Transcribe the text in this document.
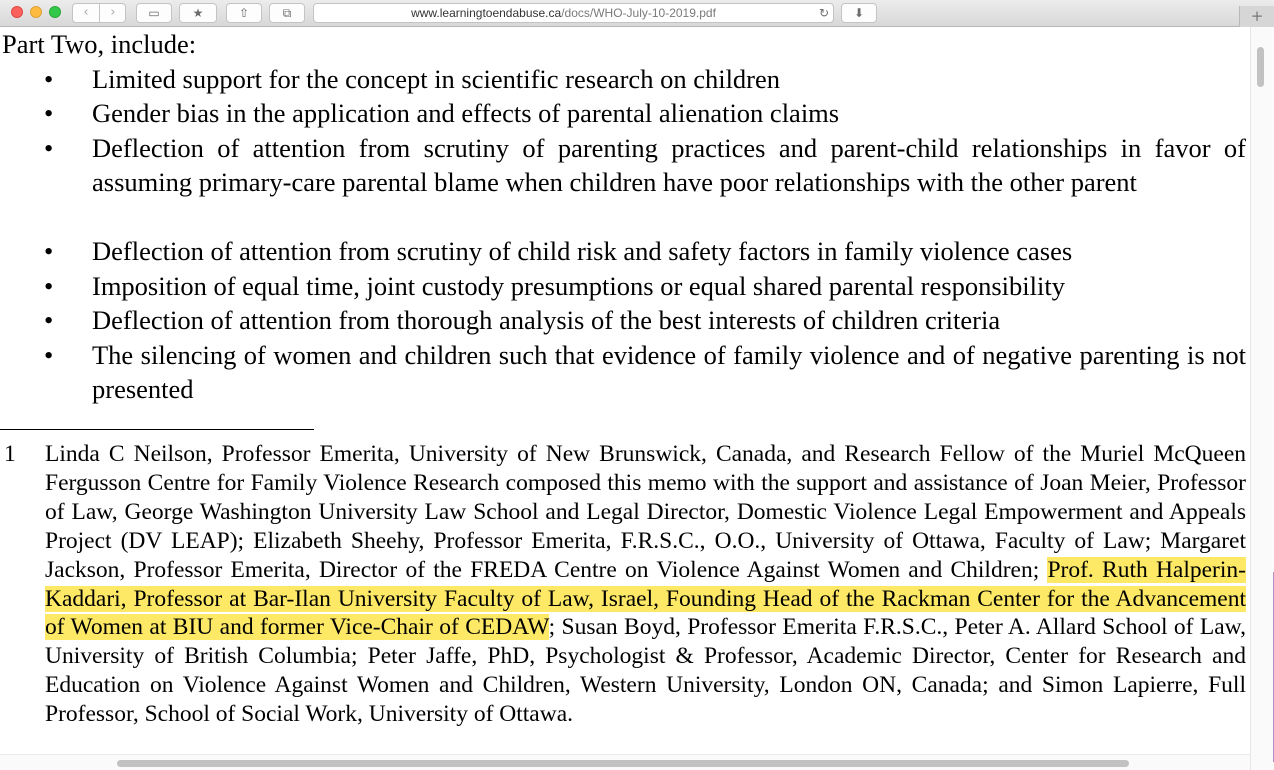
‹	›	▭	★	⇧	⧉	www.learningtoendabuse.ca/docs/WHO-July-10-2019.pdf	↻	⬇	+
Part Two, include:
• Limited support for the concept in scientific research on children

• Gender bias in the application and effects of parental alienation claims

• Deflection of attention from scrutiny of parenting practices and parent-child relationships in favor of assuming primary-care parental blame when children have poor relationships with the other parent

• Deflection of attention from scrutiny of child risk and safety factors in family violence cases

• Imposition of equal time, joint custody presumptions or equal shared parental responsibility

• Deflection of attention from thorough analysis of the best interests of children criteria

• The silencing of women and children such that evidence of family violence and of negative parenting is not presented

1 Linda C Neilson, Professor Emerita, University of New Brunswick, Canada, and Research Fellow of the Muriel McQueen Fergusson Centre for Family Violence Research composed this memo with the support and assistance of Joan Meier, Professor of Law, George Washington University Law School and Legal Director, Domestic Violence Legal Empowerment and Appeals Project (DV LEAP); Elizabeth Sheehy, Professor Emerita, F.R.S.C., O.O., University of Ottawa, Faculty of Law; Margaret Jackson, Professor Emerita, Director of the FREDA Centre on Violence Against Women and Children; Prof. Ruth Halperin-Kaddari, Professor at Bar-Ilan University Faculty of Law, Israel, Founding Head of the Rackman Center for the Advancement of Women at BIU and former Vice-Chair of CEDAW; Susan Boyd, Professor Emerita F.R.S.C., Peter A. Allard School of Law, University of British Columbia; Peter Jaffe, PhD, Psychologist & Professor, Academic Director, Center for Research and Education on Violence Against Women and Children, Western University, London ON, Canada; and Simon Lapierre, Full Professor, School of Social Work, University of Ottawa.
